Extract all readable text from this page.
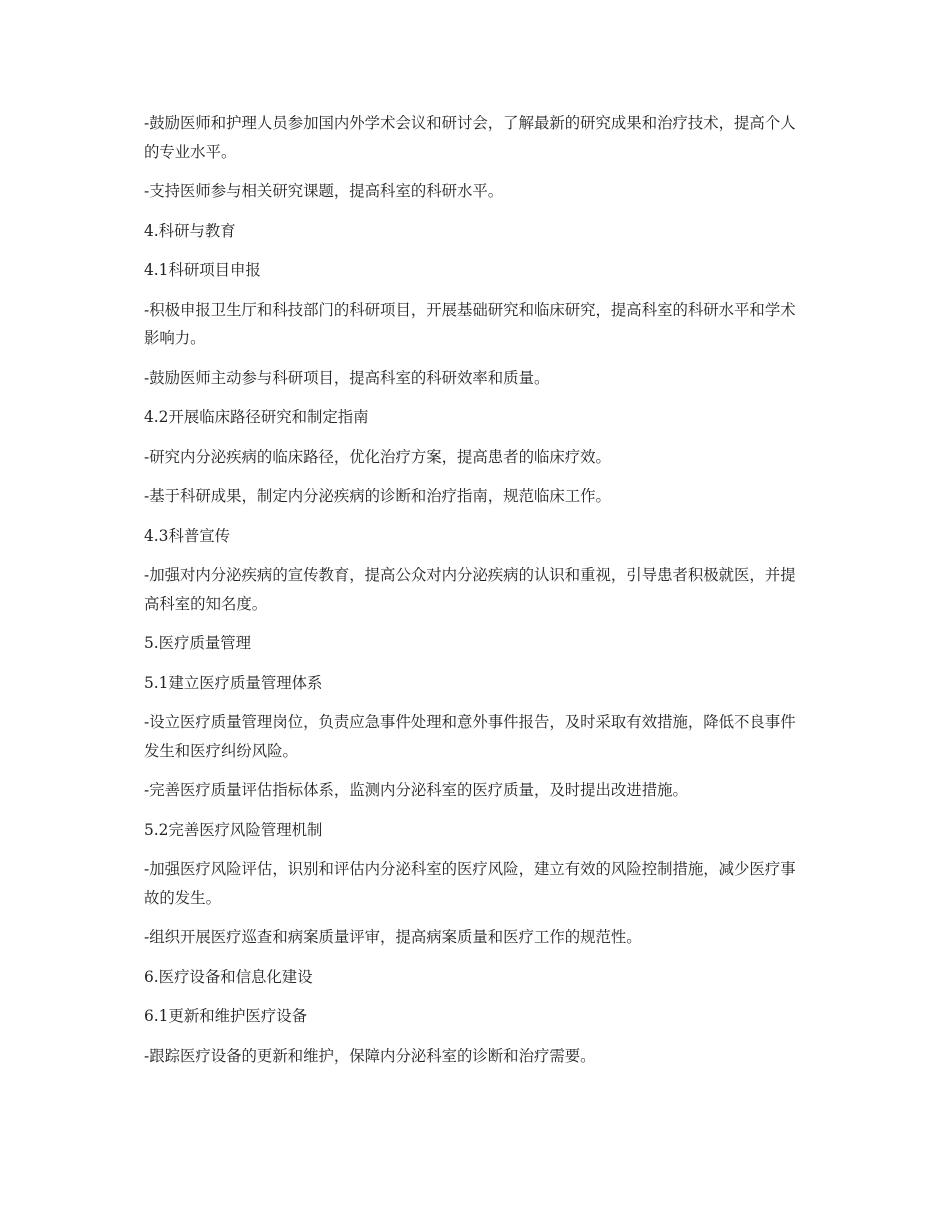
-鼓励医师和护理人员参加国内外学术会议和研讨会，了解最新的研究成果和治疗技术，提高个人的专业水平。

-支持医师参与相关研究课题，提高科室的科研水平。

4.科研与教育

4.1科研项目申报

-积极申报卫生厅和科技部门的科研项目，开展基础研究和临床研究，提高科室的科研水平和学术影响力。

-鼓励医师主动参与科研项目，提高科室的科研效率和质量。

4.2开展临床路径研究和制定指南

-研究内分泌疾病的临床路径，优化治疗方案，提高患者的临床疗效。

-基于科研成果，制定内分泌疾病的诊断和治疗指南，规范临床工作。

4.3科普宣传

-加强对内分泌疾病的宣传教育，提高公众对内分泌疾病的认识和重视，引导患者积极就医，并提高科室的知名度。

5.医疗质量管理

5.1建立医疗质量管理体系

-设立医疗质量管理岗位，负责应急事件处理和意外事件报告，及时采取有效措施，降低不良事件发生和医疗纠纷风险。

-完善医疗质量评估指标体系，监测内分泌科室的医疗质量，及时提出改进措施。

5.2完善医疗风险管理机制

-加强医疗风险评估，识别和评估内分泌科室的医疗风险，建立有效的风险控制措施，减少医疗事故的发生。

-组织开展医疗巡查和病案质量评审，提高病案质量和医疗工作的规范性。

6.医疗设备和信息化建设

6.1更新和维护医疗设备

-跟踪医疗设备的更新和维护，保障内分泌科室的诊断和治疗需要。
